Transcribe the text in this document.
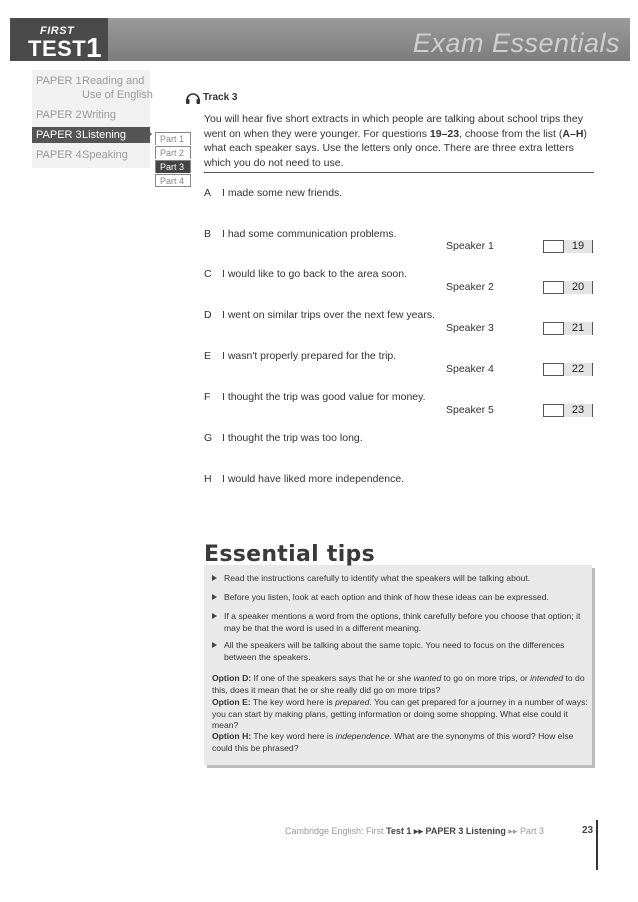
FIRST
TEST 1	Exam Essentials
PAPER 1 Reading and
Use of English
PAPER 2 Writing
PAPER 3 Listening
PAPER 4 Speaking
Part 1
Part 2
Part 3
Part 4
Track 3
You will hear five short extracts in which people are talking about school trips they went on when they were younger. For questions 19–23, choose from the list (A–H) what each speaker says. Use the letters only once. There are three extra letters which you do not need to use.
A I made some new friends.
B I had some communication problems.
C I would like to go back to the area soon.
D I went on similar trips over the next few years.
E I wasn't properly prepared for the trip.
F I thought the trip was good value for money.
G I thought the trip was too long.
H I would have liked more independence.
Speaker 1	19
Speaker 2	20
Speaker 3	21
Speaker 4	22
Speaker 5	23
Essential tips
Read the instructions carefully to identify what the speakers will be talking about.
Before you listen, look at each option and think of how these ideas can be expressed.
If a speaker mentions a word from the options, think carefully before you choose that option; it may be that the word is used in a different meaning.
All the speakers will be talking about the same topic. You need to focus on the differences between the speakers.
Option D: If one of the speakers says that he or she wanted to go on more trips, or intended to do this, does it mean that he or she really did go on more trips?
Option E: The key word here is prepared. You can get prepared for a journey in a number of ways: you can start by making plans, getting information or doing some shopping. What else could it mean?
Option H: The key word here is independence. What are the synonyms of this word? How else could this be phrased?
Cambridge English: First Test 1 ▸▸ PAPER 3 Listening ▸▸ Part 3	23
